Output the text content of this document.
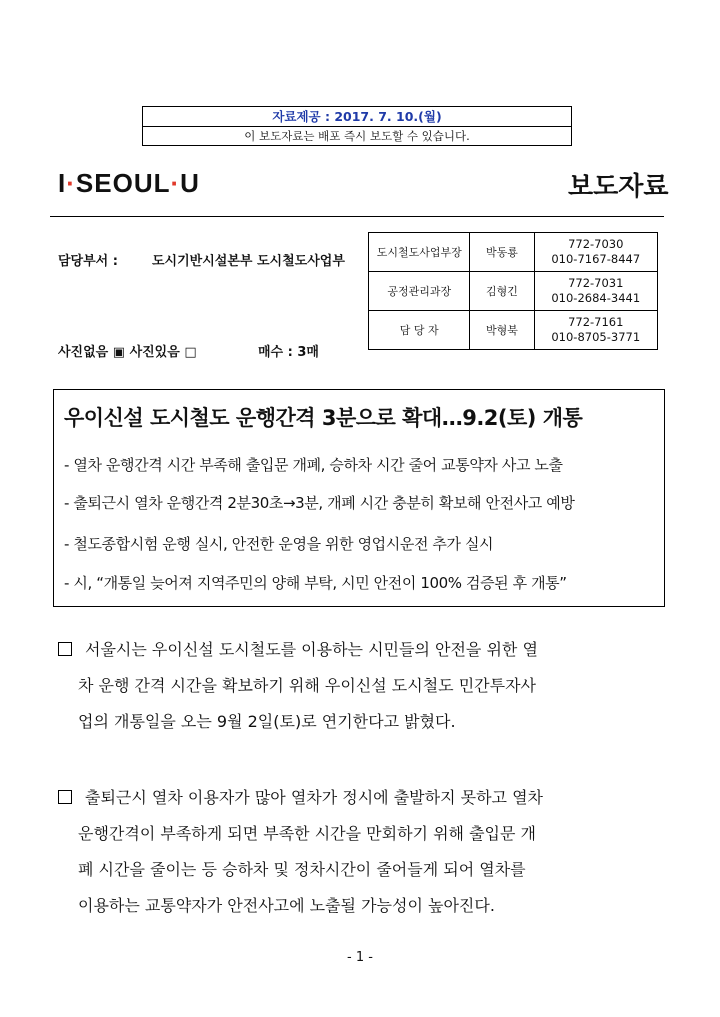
자료제공 : 2017. 7. 10.(월)
이 보도자료는 배포 즉시 보도할 수 있습니다.
I·SEOUL·U	보도자료
담당부서 :	도시기반시설본부 도시철도사업부
사진없음 ▣ 사진있음 □	매수 : 3매
도시철도사업부장	박동룡	772-7030
010-7167-8447

공정관리과장	김형긴	772-7031
010-2684-3441

담 당 자	박형북	772-7161
010-8705-3771
우이신설 도시철도 운행간격 3분으로 확대…9.2(토) 개통
- 열차 운행간격 시간 부족해 출입문 개폐, 승하차 시간 줄어 교통약자 사고 노출
- 출퇴근시 열차 운행간격 2분30초→3분, 개폐 시간 충분히 확보해 안전사고 예방
- 철도종합시험 운행 실시, 안전한 운영을 위한 영업시운전 추가 실시
- 시, “개통일 늦어져 지역주민의 양해 부탁, 시민 안전이 100% 검증된 후 개통”
서울시는 우이신설 도시철도를 이용하는 시민들의 안전을 위한 열
차 운행 간격 시간을 확보하기 위해 우이신설 도시철도 민간투자사
업의 개통일을 오는 9월 2일(토)로 연기한다고 밝혔다.
출퇴근시 열차 이용자가 많아 열차가 정시에 출발하지 못하고 열차
운행간격이 부족하게 되면 부족한 시간을 만회하기 위해 출입문 개
폐 시간을 줄이는 등 승하차 및 정차시간이 줄어들게 되어 열차를
이용하는 교통약자가 안전사고에 노출될 가능성이 높아진다.
- 1 -
